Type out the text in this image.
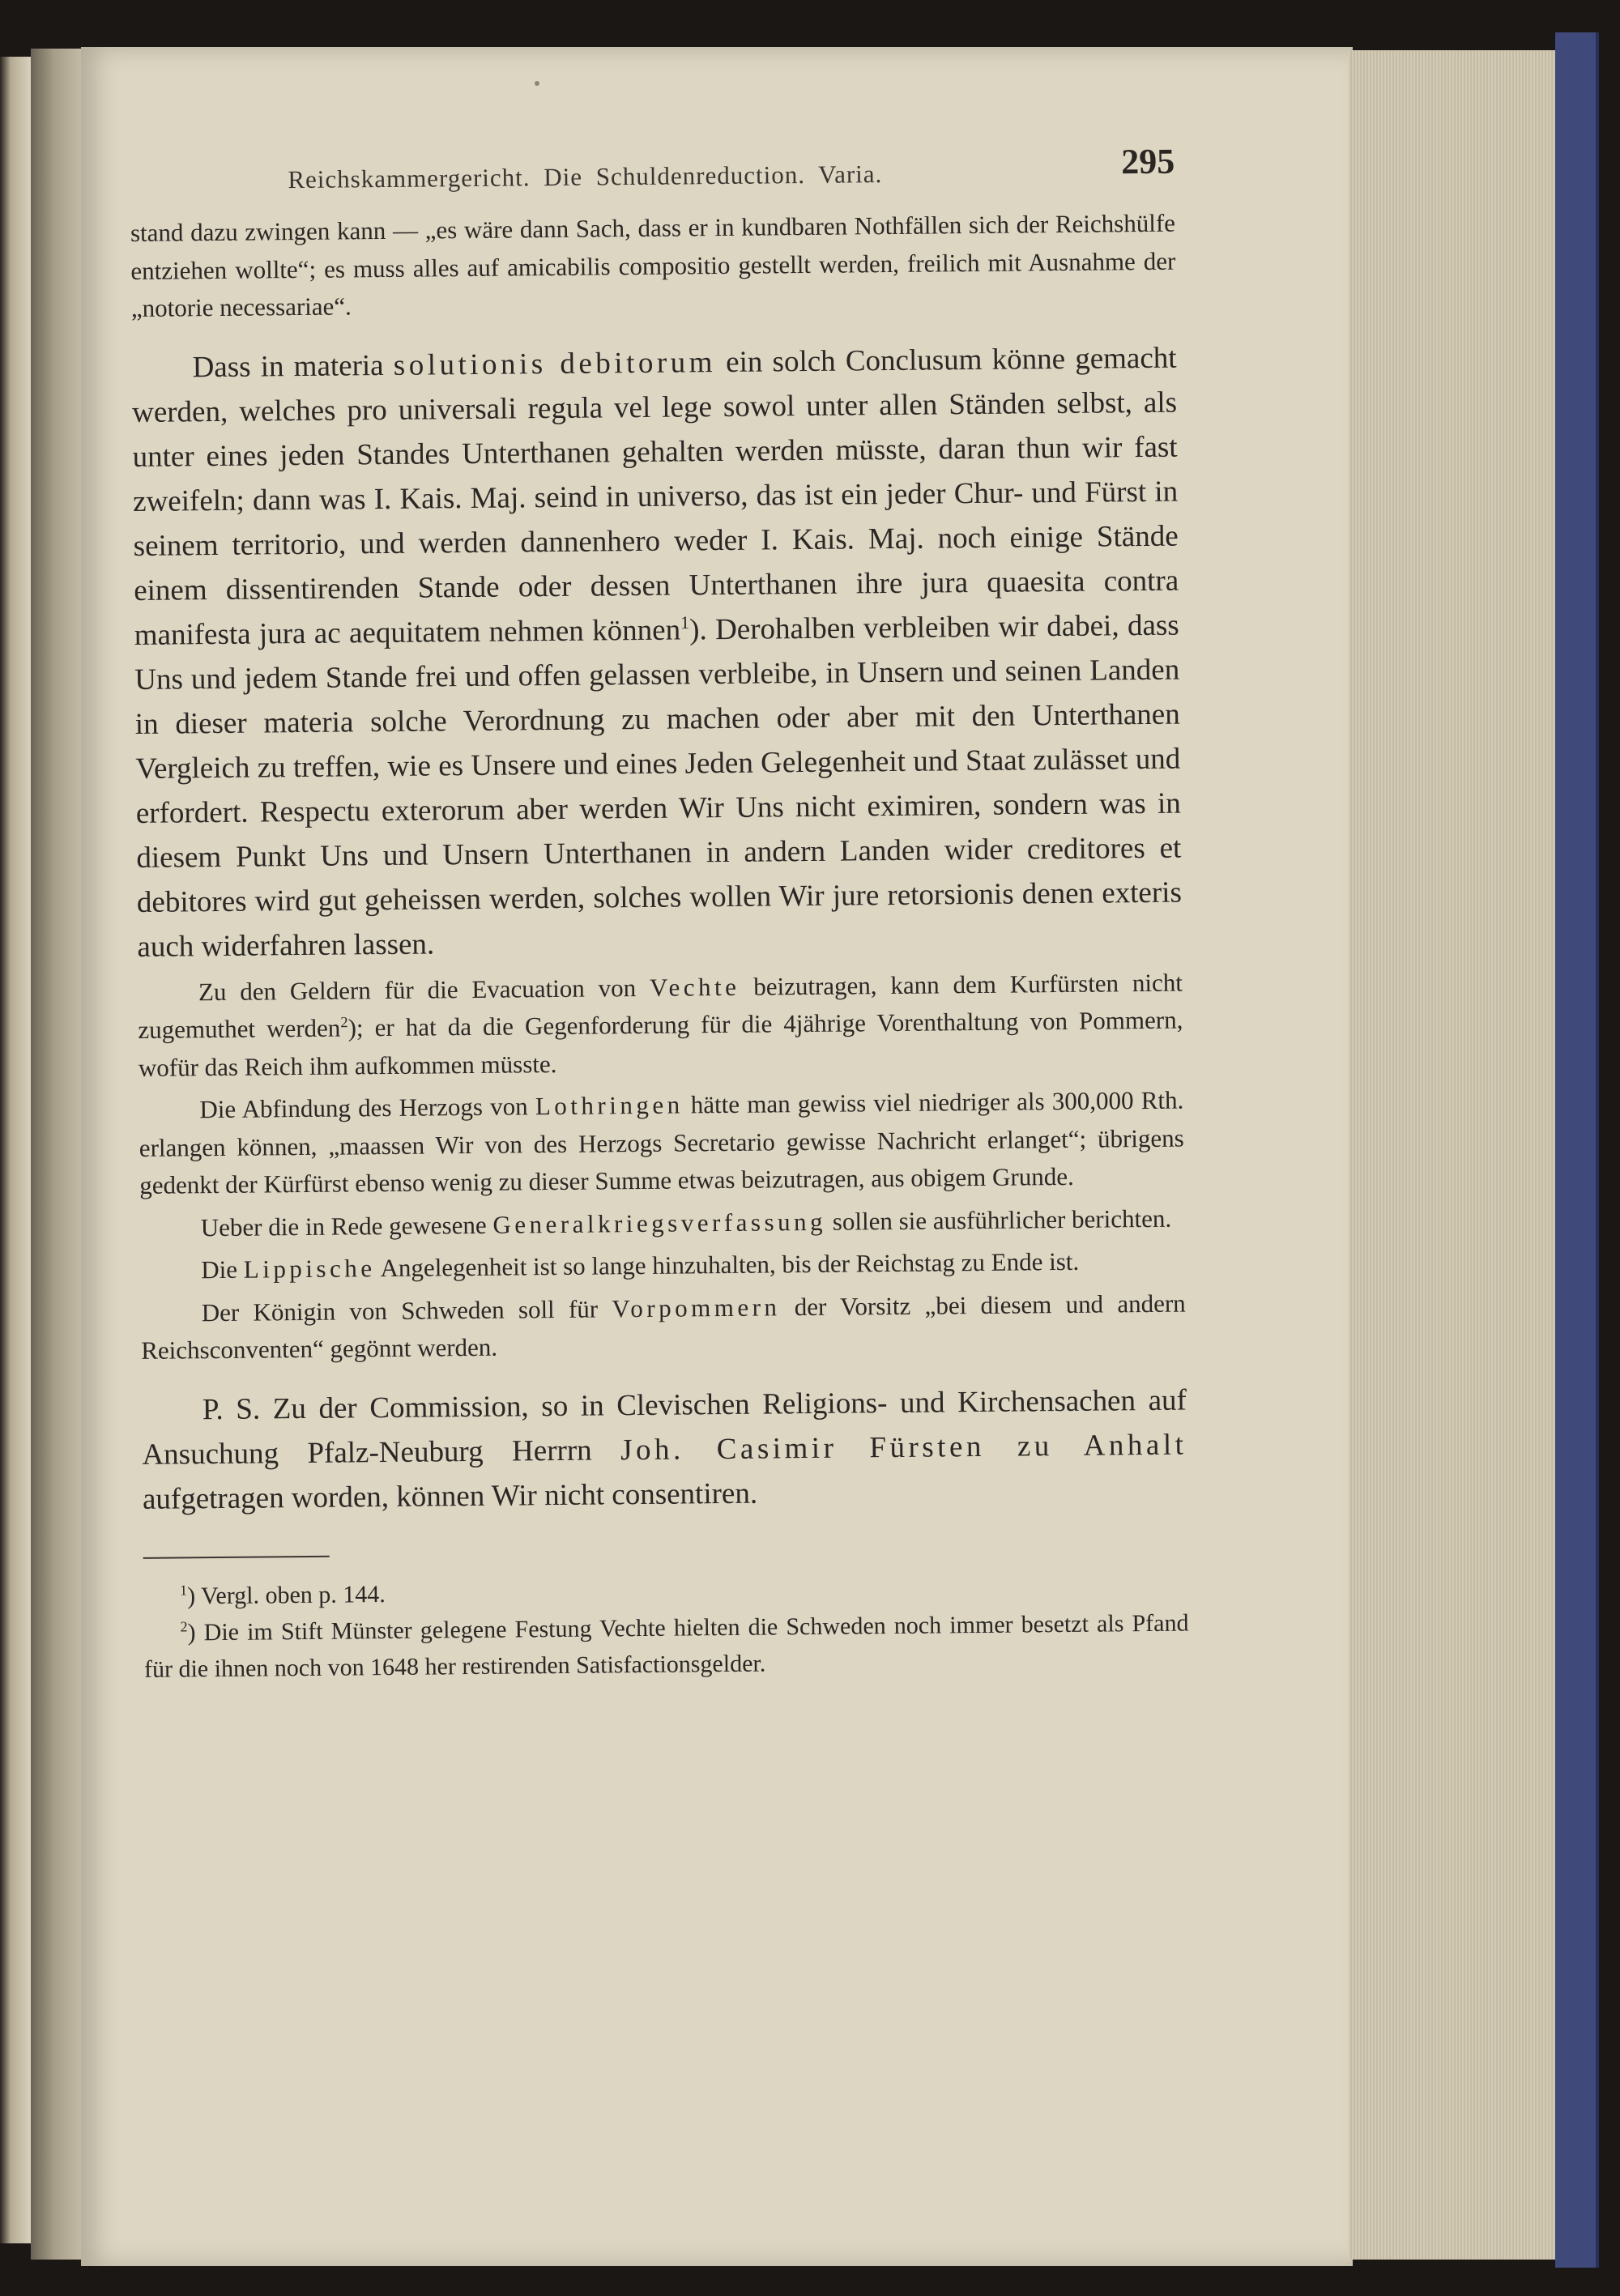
Reichskammergericht. Die Schuldenreduction. Varia.	295

stand dazu zwingen kann — „es wäre dann Sach, dass er in kundbaren Nothfällen sich der Reichshülfe entziehen wollte“; es muss alles auf amicabilis compositio gestellt werden, freilich mit Ausnahme der „notorie necessariae“.

Dass in materia solutionis debitorum ein solch Conclusum könne gemacht werden, welches pro universali regula vel lege sowol unter allen Ständen selbst, als unter eines jeden Standes Unterthanen gehalten werden müsste, daran thun wir fast zweifeln; dann was I. Kais. Maj. seind in universo, das ist ein jeder Chur- und Fürst in seinem territorio, und werden dannenhero weder I. Kais. Maj. noch einige Stände einem dissentirenden Stande oder dessen Unterthanen ihre jura quaesita contra manifesta jura ac aequitatem nehmen können$^1$). Derohalben verbleiben wir dabei, dass Uns und jedem Stande frei und offen gelassen verbleibe, in Unsern und seinen Landen in dieser materia solche Verordnung zu machen oder aber mit den Unterthanen Vergleich zu treffen, wie es Unsere und eines Jeden Gelegenheit und Staat zulässet und erfordert. Respectu exterorum aber werden Wir Uns nicht eximiren, sondern was in diesem Punkt Uns und Unsern Unterthanen in andern Landen wider creditores et debitores wird gut geheissen werden, solches wollen Wir jure retorsionis denen exteris auch widerfahren lassen.

Zu den Geldern für die Evacuation von Vechte beizutragen, kann dem Kurfürsten nicht zugemuthet werden$^2$); er hat da die Gegenforderung für die 4jährige Vorenthaltung von Pommern, wofür das Reich ihm aufkommen müsste.

Die Abfindung des Herzogs von Lothringen hätte man gewiss viel niedriger als 300,000 Rth. erlangen können, „maassen Wir von des Herzogs Secretario gewisse Nachricht erlanget“; übrigens gedenkt der Kürfürst ebenso wenig zu dieser Summe etwas beizutragen, aus obigem Grunde.

Ueber die in Rede gewesene Generalkriegsverfassung sollen sie ausführlicher berichten.

Die Lippische Angelegenheit ist so lange hinzuhalten, bis der Reichstag zu Ende ist.

Der Königin von Schweden soll für Vorpommern der Vorsitz „bei diesem und andern Reichsconventen“ gegönnt werden.

P. S. Zu der Commission, so in Clevischen Religions- und Kirchensachen auf Ansuchung Pfalz-Neuburg Herrrn Joh. Casimir Fürsten zu Anhalt aufgetragen worden, können Wir nicht consentiren.

$^1$) Vergl. oben p. 144.

$^2$) Die im Stift Münster gelegene Festung Vechte hielten die Schweden noch immer besetzt als Pfand für die ihnen noch von 1648 her restirenden Satisfactionsgelder.
